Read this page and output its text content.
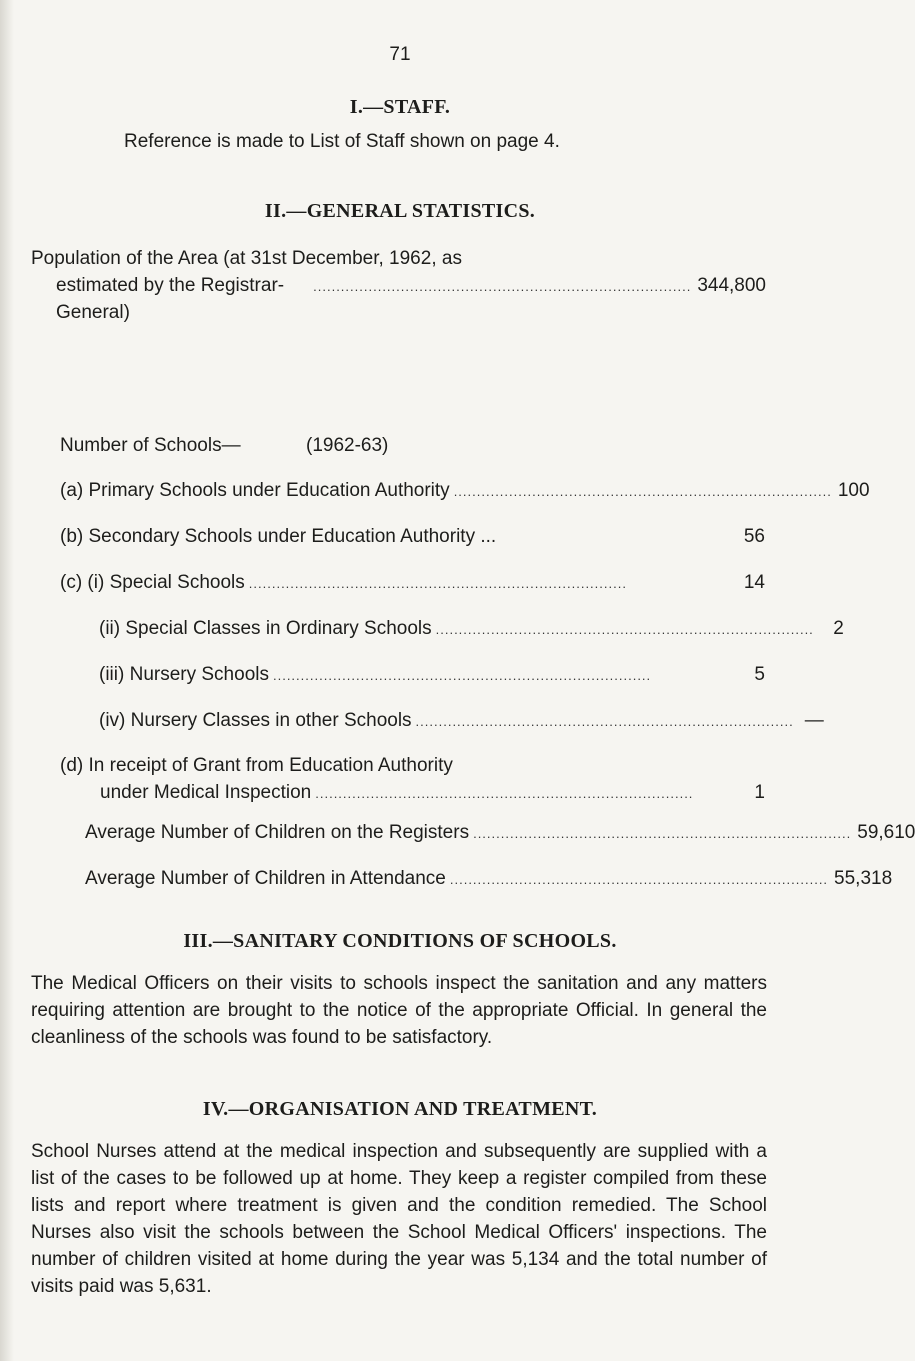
71
I.—STAFF.
Reference is made to List of Staff shown on page 4.
II.—GENERAL STATISTICS.
Population of the Area (at 31st December, 1962, as
estimated by the Registrar-General)
.................................................................................. 344,800
Number of Schools—	(1962-63)
(a) Primary Schools under Education Authority .................................................................................. 100
(b) Secondary Schools under Education Authority ...	56
(c) (i) Special Schools ..................................................................................	14
(ii) Special Classes in Ordinary Schools ..................................................................................	2
(iii) Nursery Schools ..................................................................................	5
(iv) Nursery Classes in other Schools .................................................................................. —
(d) In receipt of Grant from Education Authority
under Medical Inspection ..................................................................................	1
Average Number of Children on the Registers .................................................................................. 59,610
Average Number of Children in Attendance .................................................................................. 55,318
III.—SANITARY CONDITIONS OF SCHOOLS.
The Medical Officers on their visits to schools inspect the sanitation and any matters requiring attention are brought to the notice of the appropriate Official. In general the cleanliness of the schools was found to be satisfactory.
IV.—ORGANISATION AND TREATMENT.
School Nurses attend at the medical inspection and subsequently are supplied with a list of the cases to be followed up at home. They keep a register compiled from these lists and report where treatment is given and the condition remedied. The School Nurses also visit the schools between the School Medical Officers' inspections. The number of children visited at home during the year was 5,134 and the total number of visits paid was 5,631.
